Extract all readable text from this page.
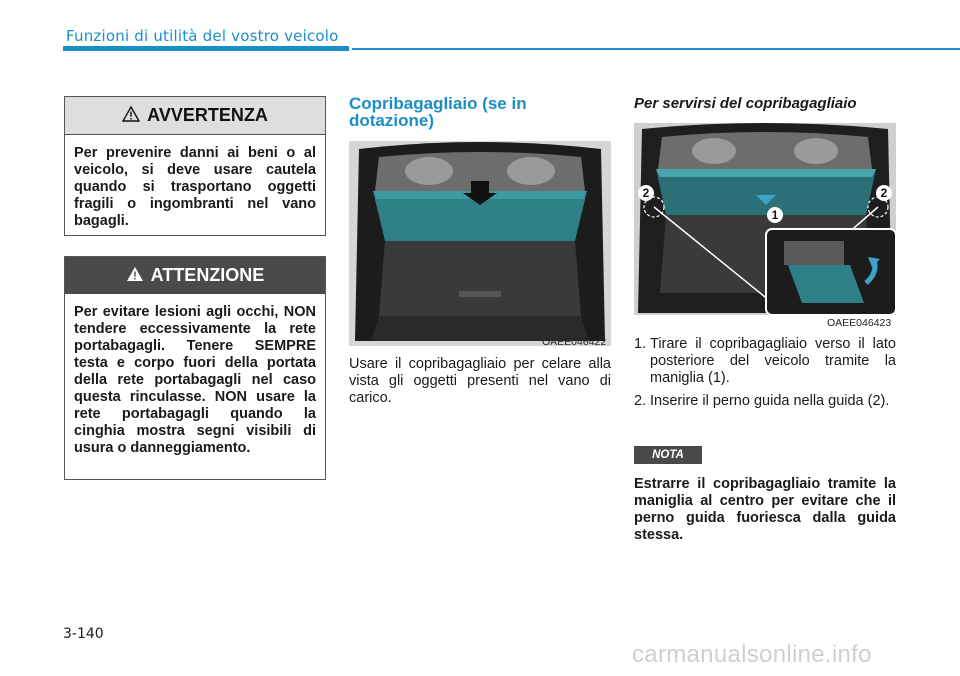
Funzioni di utilità del vostro veicolo
AVVERTENZA
Per prevenire danni ai beni o al veicolo, si deve usare cautela quando si trasportano oggetti fragili o ingombranti nel vano bagagli.
ATTENZIONE
Per evitare lesioni agli occhi, NON tendere eccessivamente la rete portabagagli. Tenere SEMPRE testa e corpo fuori della portata della rete portabagagli nel caso questa rinculasse. NON usare la rete portabagagli quando la cinghia mostra segni visibili di usura o danneggiamento.
Copribagagliaio (se in dotazione)
OAEE046422
Usare il copribagagliaio per celare alla vista gli oggetti presenti nel vano di carico.
Per servirsi del copribagagliaio
1
2	2
OAEE046423
1. Tirare il copribagagliaio verso il lato posteriore del veicolo tramite la maniglia (1).
2. Inserire il perno guida nella guida (2).
NOTA
Estrarre il copribagagliaio tramite la maniglia al centro per evitare che il perno guida fuoriesca dalla guida stessa.
3-140
carmanualsonline.info
